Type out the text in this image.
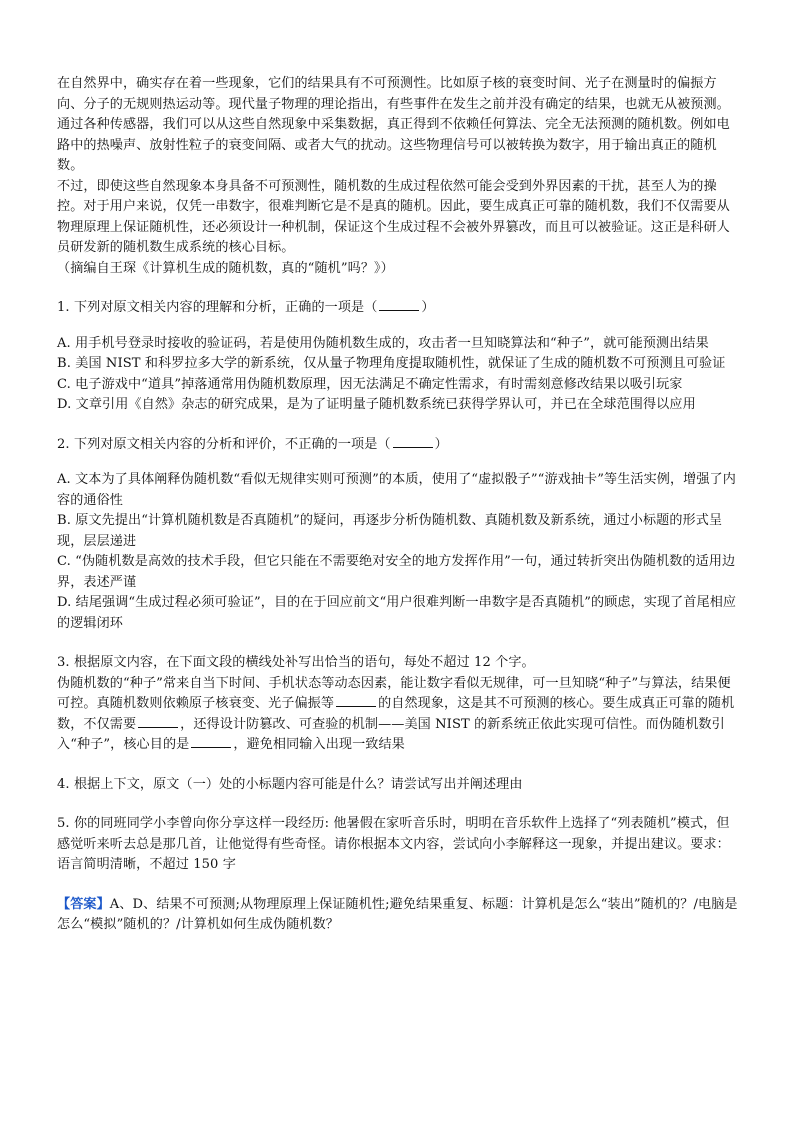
在自然界中，确实存在着一些现象，它们的结果具有不可预测性。比如原子核的衰变时间、光子在测量时的偏振方向、分子的无规则热运动等。现代量子物理的理论指出，有些事件在发生之前并没有确定的结果，也就无从被预测。通过各种传感器，我们可以从这些自然现象中采集数据，真正得到不依赖任何算法、完全无法预测的随机数。例如电路中的热噪声、放射性粒子的衰变间隔、或者大气的扰动。这些物理信号可以被转换为数字，用于输出真正的随机数。

不过，即使这些自然现象本身具备不可预测性，随机数的生成过程依然可能会受到外界因素的干扰，甚至人为的操控。对于用户来说，仅凭一串数字，很难判断它是不是真的随机。因此，要生成真正可靠的随机数，我们不仅需要从物理原理上保证随机性，还必须设计一种机制，保证这个生成过程不会被外界篡改，而且可以被验证。这正是科研人员研发新的随机数生成系统的核心目标。

（摘编自王琛《计算机生成的随机数，真的“随机”吗？》）

1. 下列对原文相关内容的理解和分析，正确的一项是（	）

A. 用手机号登录时接收的验证码，若是使用伪随机数生成的，攻击者一旦知晓算法和“种子”，就可能预测出结果

B. 美国 NIST 和科罗拉多大学的新系统，仅从量子物理角度提取随机性，就保证了生成的随机数不可预测且可验证

C. 电子游戏中“道具”掉落通常用伪随机数原理，因无法满足不确定性需求，有时需刻意修改结果以吸引玩家

D. 文章引用《自然》杂志的研究成果，是为了证明量子随机数系统已获得学界认可，并已在全球范围得以应用

2. 下列对原文相关内容的分析和评价，不正确的一项是（	）

A. 文本为了具体阐释伪随机数“看似无规律实则可预测”的本质，使用了“虚拟骰子”“游戏抽卡”等生活实例，增强了内容的通俗性

B. 原文先提出“计算机随机数是否真随机”的疑问，再逐步分析伪随机数、真随机数及新系统，通过小标题的形式呈现，层层递进

C. “伪随机数是高效的技术手段，但它只能在不需要绝对安全的地方发挥作用”一句，通过转折突出伪随机数的适用边界，表述严谨

D. 结尾强调“生成过程必须可验证”，目的在于回应前文“用户很难判断一串数字是否真随机”的顾虑，实现了首尾相应的逻辑闭环

3. 根据原文内容，在下面文段的横线处补写出恰当的语句，每处不超过 12 个字。

伪随机数的“种子”常来自当下时间、手机状态等动态因素，能让数字看似无规律，可一旦知晓“种子”与算法，结果便可控。真随机数则依赖原子核衰变、光子偏振等	的自然现象，这是其不可预测的核心。要生成真正可靠的随机数，不仅需要	，还得设计防篡改、可查验的机制——美国 NIST 的新系统正依此实现可信性。而伪随机数引入“种子”，核心目的是	，避免相同输入出现一致结果

4. 根据上下文，原文（一）处的小标题内容可能是什么？请尝试写出并阐述理由

5. 你的同班同学小李曾向你分享这样一段经历: 他暑假在家听音乐时，明明在音乐软件上选择了“列表随机”模式，但感觉听来听去总是那几首，让他觉得有些奇怪。请你根据本文内容，尝试向小李解释这一现象，并提出建议。要求：语言简明清晰，不超过 150 字

【答案】A、D、结果不可预测;从物理原理上保证随机性;避免结果重复、标题：计算机是怎么“装出”随机的？/电脑是怎么“模拟”随机的？/计算机如何生成伪随机数？
